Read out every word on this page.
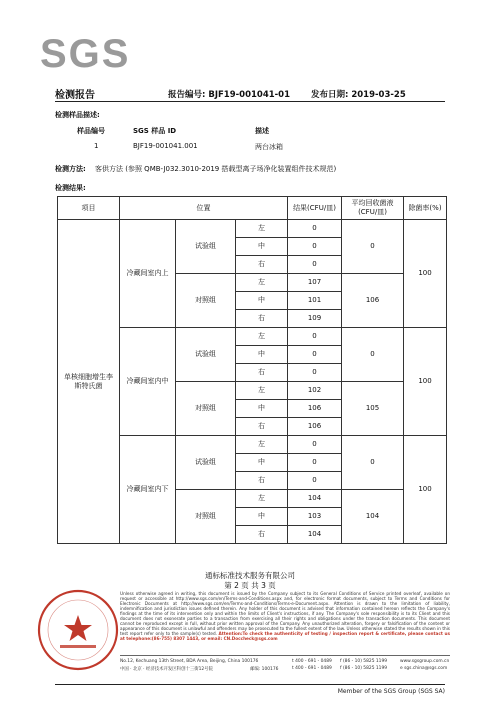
SGS
检测报告	报告编号: BJF19-001041-01 发布日期: 2019-03-25
检测样品描述:
样品编号	SGS 样品 ID	描述
1	BJF19-001041.001	两台冰箱
检测方法: 客供方法 (参照 QMB-J032.3010-2019 搭载型离子场净化装置组件技术规范)
检测结果:
项目	位置			结果(CFU/皿)	平均回收菌液(CFU/皿)	除菌率(%)
单核细胞增生李斯特氏菌	冷藏间室内上	试验组	左	0	0	100
			中	0		
			右	0		
		对照组	左	107	106	
			中	101		
			右	109		
	冷藏间室内中	试验组	左	0	0	100
			中	0		
			右	0		
		对照组	左	102	105	
			中	106		
			右	106		
	冷藏间室内下	试验组	左	0	0	100
			中	0		
			右	0		
		对照组	左	104	104	
			中	103		
			右	104		
通标标准技术服务有限公司
第 2 页 共 3 页
Unless otherwise agreed in writing, this document is issued by the Company subject to its General Conditions of Service printed overleaf, available on request or accessible at http://www.sgs.com/en/Terms-and-Conditions.aspx and, for electronic format documents, subject to Terms and Conditions for Electronic Documents at http://www.sgs.com/en/Terms-and-Conditions/Terms-e-Document.aspx. Attention is drawn to the limitation of liability, indemnification and jurisdiction issues defined therein. Any holder of this document is advised that information contained hereon reflects the Company's findings at the time of its intervention only and within the limits of Client's instructions, if any. The Company's sole responsibility is to its Client and this document does not exonerate parties to a transaction from exercising all their rights and obligations under the transaction documents. This document cannot be reproduced except in full, without prior written approval of the Company. Any unauthorized alteration, forgery or falsification of the content or appearance of this document is unlawful and offenders may be prosecuted to the fullest extent of the law. Unless otherwise stated the results shown in this test report refer only to the sample(s) tested. Attention:To check the authenticity of testing / inspection report & certificate, please contact us at telephone:(86-755) 8307 1443, or email: CN.Doccheck@sgs.com
No.12, Kechuang 13th Street, BDA Area, Beijing, China 100176
中国 · 北京 · 经济技术开发区科创十三街12号院	邮编: 100176
t 400 - 691 - 0489
t 400 - 691 - 0489
f (86 - 10) 5825 1199
f (86 - 10) 5825 1199
www.sgsgroup.com.cn
e sgs.china@sgs.com
Member of the SGS Group (SGS SA)
